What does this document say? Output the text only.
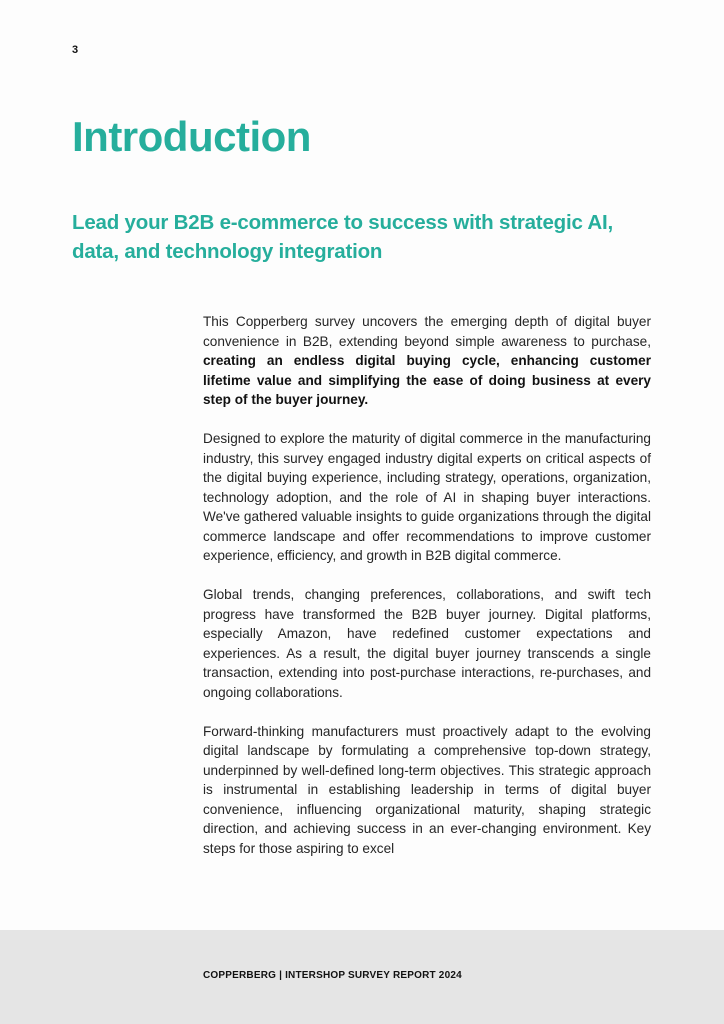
3
Introduction
Lead your B2B e-commerce to success with strategic AI, data, and technology integration

This Copperberg survey uncovers the emerging depth of digital buyer convenience in B2B, extending beyond simple awareness to purchase, creating an endless digital buying cycle, enhancing customer lifetime value and simplifying the ease of doing business at every step of the buyer journey.

Designed to explore the maturity of digital commerce in the manufacturing industry, this survey engaged industry digital experts on critical aspects of the digital buying experience, including strategy, operations, organization, technology adoption, and the role of AI in shaping buyer interactions. We've gathered valuable insights to guide organizations through the digital commerce landscape and offer recommendations to improve customer experience, efficiency, and growth in B2B digital commerce.

Global trends, changing preferences, collaborations, and swift tech progress have transformed the B2B buyer journey. Digital platforms, especially Amazon, have redefined customer expectations and experiences. As a result, the digital buyer journey transcends a single transaction, extending into post-purchase interactions, re-purchases, and ongoing collaborations.

Forward-thinking manufacturers must proactively adapt to the evolving digital landscape by formulating a comprehensive top-down strategy, underpinned by well-defined long-term objectives. This strategic approach is instrumental in establishing leadership in terms of digital buyer convenience, influencing organizational maturity, shaping strategic direction, and achieving success in an ever-changing environment. Key steps for those aspiring to excel

COPPERBERG | INTERSHOP SURVEY REPORT 2024
